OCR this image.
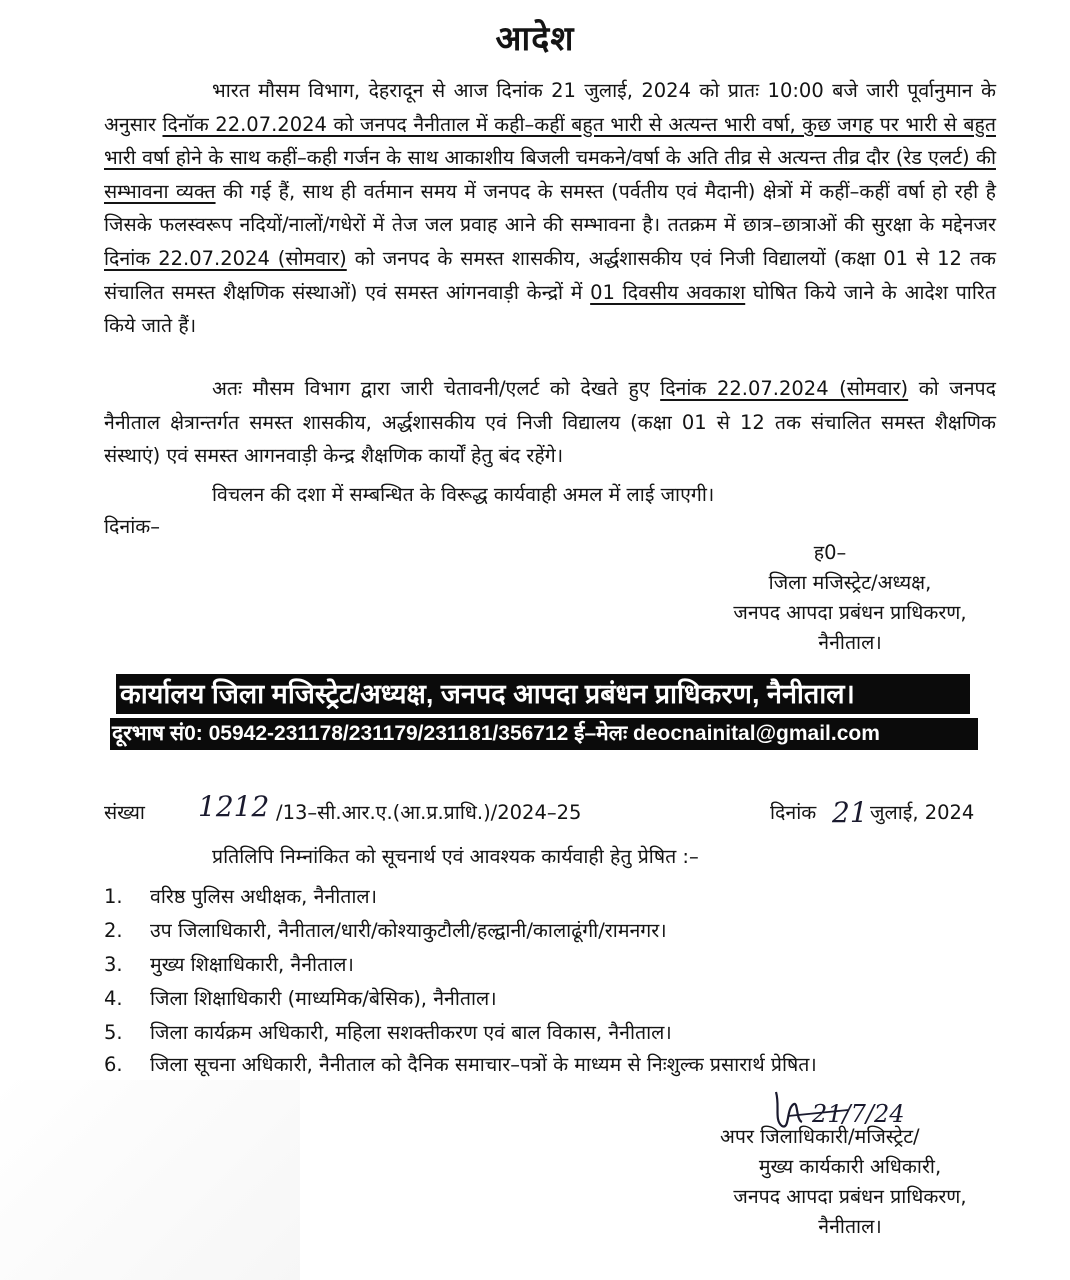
आदेश
भारत मौसम विभाग, देहरादून से आज दिनांक 21 जुलाई, 2024 को प्रातः 10:00 बजे जारी पूर्वानुमान के अनुसार दिनॉक 22.07.2024 को जनपद नैनीताल में कही–कहीं बहुत भारी से अत्यन्त भारी वर्षा, कुछ जगह पर भारी से बहुत भारी वर्षा होने के साथ कहीं–कही गर्जन के साथ आकाशीय बिजली चमकने/वर्षा के अति तीव्र से अत्यन्त तीव्र दौर (रेड एलर्ट) की सम्भावना व्यक्त की गई हैं, साथ ही वर्तमान समय में जनपद के समस्त (पर्वतीय एवं मैदानी) क्षेत्रों में कहीं–कहीं वर्षा हो रही है जिसके फलस्वरूप नदियों/नालों/गधेरों में तेज जल प्रवाह आने की सम्भावना है। ततक्रम में छात्र–छात्राओं की सुरक्षा के मद्देनजर दिनांक 22.07.2024 (सोमवार) को जनपद के समस्त शासकीय, अर्द्धशासकीय एवं निजी विद्यालयों (कक्षा 01 से 12 तक संचालित समस्त शैक्षणिक संस्थाओं) एवं समस्त आंगनवाड़ी केन्द्रों में 01 दिवसीय अवकाश घोषित किये जाने के आदेश पारित किये जाते हैं।
अतः मौसम विभाग द्वारा जारी चेतावनी/एलर्ट को देखते हुए दिनांक 22.07.2024 (सोमवार) को जनपद नैनीताल क्षेत्रान्तर्गत समस्त शासकीय, अर्द्धशासकीय एवं निजी विद्यालय (कक्षा 01 से 12 तक संचालित समस्त शैक्षणिक संस्थाएं) एवं समस्त आगनवाड़ी केन्द्र शैक्षणिक कार्यों हेतु बंद रहेंगे।
विचलन की दशा में सम्बन्धित के विरूद्ध कार्यवाही अमल में लाई जाएगी।
दिनांक–
ह0–
जिला मजिस्ट्रेट/अध्यक्ष,
जनपद आपदा प्रबंधन प्राधिकरण,
नैनीताल।
कार्यालय जिला मजिस्ट्रेट/अध्यक्ष, जनपद आपदा प्रबंधन प्राधिकरण, नैनीताल।
दूरभाष सं0: 05942-231178/231179/231181/356712 ई–मेलः deocnainital@gmail.com
संख्या 1212 /13–सी.आर.ए.(आ.प्र.प्राधि.)/2024–25	दिनांक 21 जुलाई, 2024
प्रतिलिपि निम्नांकित को सूचनार्थ एवं आवश्यक कार्यवाही हेतु प्रेषित :–
1. वरिष्ठ पुलिस अधीक्षक, नैनीताल।
2. उप जिलाधिकारी, नैनीताल/धारी/कोश्याकुटौली/हल्द्वानी/कालाढूंगी/रामनगर।
3. मुख्य शिक्षाधिकारी, नैनीताल।
4. जिला शिक्षाधिकारी (माध्यमिक/बेसिक), नैनीताल।
5. जिला कार्यक्रम अधिकारी, महिला सशक्तीकरण एवं बाल विकास, नैनीताल।
6. जिला सूचना अधिकारी, नैनीताल को दैनिक समाचार–पत्रों के माध्यम से निःशुल्क प्रसारार्थ प्रेषित।
21/7/24
अपर जिलाधिकारी/मजिस्ट्रेट/
मुख्य कार्यकारी अधिकारी,
जनपद आपदा प्रबंधन प्राधिकरण,
नैनीताल।
